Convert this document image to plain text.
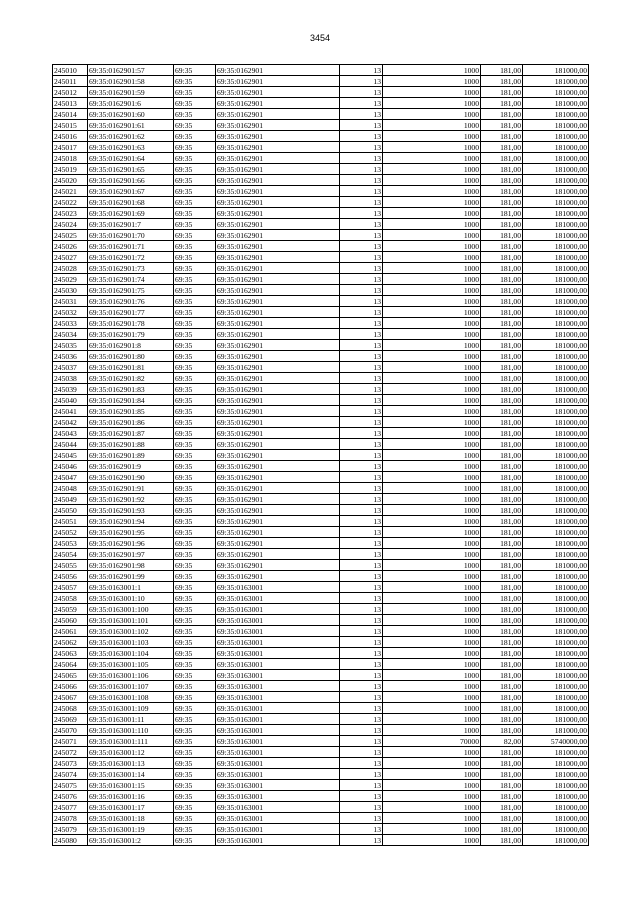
3454
245010	69:35:0162901:57	69:35	69:35:0162901	13	1000	181,00	181000,00
245011	69:35:0162901:58	69:35	69:35:0162901	13	1000	181,00	181000,00
245012	69:35:0162901:59	69:35	69:35:0162901	13	1000	181,00	181000,00
245013	69:35:0162901:6	69:35	69:35:0162901	13	1000	181,00	181000,00
245014	69:35:0162901:60	69:35	69:35:0162901	13	1000	181,00	181000,00
245015	69:35:0162901:61	69:35	69:35:0162901	13	1000	181,00	181000,00
245016	69:35:0162901:62	69:35	69:35:0162901	13	1000	181,00	181000,00
245017	69:35:0162901:63	69:35	69:35:0162901	13	1000	181,00	181000,00
245018	69:35:0162901:64	69:35	69:35:0162901	13	1000	181,00	181000,00
245019	69:35:0162901:65	69:35	69:35:0162901	13	1000	181,00	181000,00
245020	69:35:0162901:66	69:35	69:35:0162901	13	1000	181,00	181000,00
245021	69:35:0162901:67	69:35	69:35:0162901	13	1000	181,00	181000,00
245022	69:35:0162901:68	69:35	69:35:0162901	13	1000	181,00	181000,00
245023	69:35:0162901:69	69:35	69:35:0162901	13	1000	181,00	181000,00
245024	69:35:0162901:7	69:35	69:35:0162901	13	1000	181,00	181000,00
245025	69:35:0162901:70	69:35	69:35:0162901	13	1000	181,00	181000,00
245026	69:35:0162901:71	69:35	69:35:0162901	13	1000	181,00	181000,00
245027	69:35:0162901:72	69:35	69:35:0162901	13	1000	181,00	181000,00
245028	69:35:0162901:73	69:35	69:35:0162901	13	1000	181,00	181000,00
245029	69:35:0162901:74	69:35	69:35:0162901	13	1000	181,00	181000,00
245030	69:35:0162901:75	69:35	69:35:0162901	13	1000	181,00	181000,00
245031	69:35:0162901:76	69:35	69:35:0162901	13	1000	181,00	181000,00
245032	69:35:0162901:77	69:35	69:35:0162901	13	1000	181,00	181000,00
245033	69:35:0162901:78	69:35	69:35:0162901	13	1000	181,00	181000,00
245034	69:35:0162901:79	69:35	69:35:0162901	13	1000	181,00	181000,00
245035	69:35:0162901:8	69:35	69:35:0162901	13	1000	181,00	181000,00
245036	69:35:0162901:80	69:35	69:35:0162901	13	1000	181,00	181000,00
245037	69:35:0162901:81	69:35	69:35:0162901	13	1000	181,00	181000,00
245038	69:35:0162901:82	69:35	69:35:0162901	13	1000	181,00	181000,00
245039	69:35:0162901:83	69:35	69:35:0162901	13	1000	181,00	181000,00
245040	69:35:0162901:84	69:35	69:35:0162901	13	1000	181,00	181000,00
245041	69:35:0162901:85	69:35	69:35:0162901	13	1000	181,00	181000,00
245042	69:35:0162901:86	69:35	69:35:0162901	13	1000	181,00	181000,00
245043	69:35:0162901:87	69:35	69:35:0162901	13	1000	181,00	181000,00
245044	69:35:0162901:88	69:35	69:35:0162901	13	1000	181,00	181000,00
245045	69:35:0162901:89	69:35	69:35:0162901	13	1000	181,00	181000,00
245046	69:35:0162901:9	69:35	69:35:0162901	13	1000	181,00	181000,00
245047	69:35:0162901:90	69:35	69:35:0162901	13	1000	181,00	181000,00
245048	69:35:0162901:91	69:35	69:35:0162901	13	1000	181,00	181000,00
245049	69:35:0162901:92	69:35	69:35:0162901	13	1000	181,00	181000,00
245050	69:35:0162901:93	69:35	69:35:0162901	13	1000	181,00	181000,00
245051	69:35:0162901:94	69:35	69:35:0162901	13	1000	181,00	181000,00
245052	69:35:0162901:95	69:35	69:35:0162901	13	1000	181,00	181000,00
245053	69:35:0162901:96	69:35	69:35:0162901	13	1000	181,00	181000,00
245054	69:35:0162901:97	69:35	69:35:0162901	13	1000	181,00	181000,00
245055	69:35:0162901:98	69:35	69:35:0162901	13	1000	181,00	181000,00
245056	69:35:0162901:99	69:35	69:35:0162901	13	1000	181,00	181000,00
245057	69:35:0163001:1	69:35	69:35:0163001	13	1000	181,00	181000,00
245058	69:35:0163001:10	69:35	69:35:0163001	13	1000	181,00	181000,00
245059	69:35:0163001:100	69:35	69:35:0163001	13	1000	181,00	181000,00
245060	69:35:0163001:101	69:35	69:35:0163001	13	1000	181,00	181000,00
245061	69:35:0163001:102	69:35	69:35:0163001	13	1000	181,00	181000,00
245062	69:35:0163001:103	69:35	69:35:0163001	13	1000	181,00	181000,00
245063	69:35:0163001:104	69:35	69:35:0163001	13	1000	181,00	181000,00
245064	69:35:0163001:105	69:35	69:35:0163001	13	1000	181,00	181000,00
245065	69:35:0163001:106	69:35	69:35:0163001	13	1000	181,00	181000,00
245066	69:35:0163001:107	69:35	69:35:0163001	13	1000	181,00	181000,00
245067	69:35:0163001:108	69:35	69:35:0163001	13	1000	181,00	181000,00
245068	69:35:0163001:109	69:35	69:35:0163001	13	1000	181,00	181000,00
245069	69:35:0163001:11	69:35	69:35:0163001	13	1000	181,00	181000,00
245070	69:35:0163001:110	69:35	69:35:0163001	13	1000	181,00	181000,00
245071	69:35:0163001:111	69:35	69:35:0163001	13	70000	82,00	5740000,00
245072	69:35:0163001:12	69:35	69:35:0163001	13	1000	181,00	181000,00
245073	69:35:0163001:13	69:35	69:35:0163001	13	1000	181,00	181000,00
245074	69:35:0163001:14	69:35	69:35:0163001	13	1000	181,00	181000,00
245075	69:35:0163001:15	69:35	69:35:0163001	13	1000	181,00	181000,00
245076	69:35:0163001:16	69:35	69:35:0163001	13	1000	181,00	181000,00
245077	69:35:0163001:17	69:35	69:35:0163001	13	1000	181,00	181000,00
245078	69:35:0163001:18	69:35	69:35:0163001	13	1000	181,00	181000,00
245079	69:35:0163001:19	69:35	69:35:0163001	13	1000	181,00	181000,00
245080	69:35:0163001:2	69:35	69:35:0163001	13	1000	181,00	181000,00
